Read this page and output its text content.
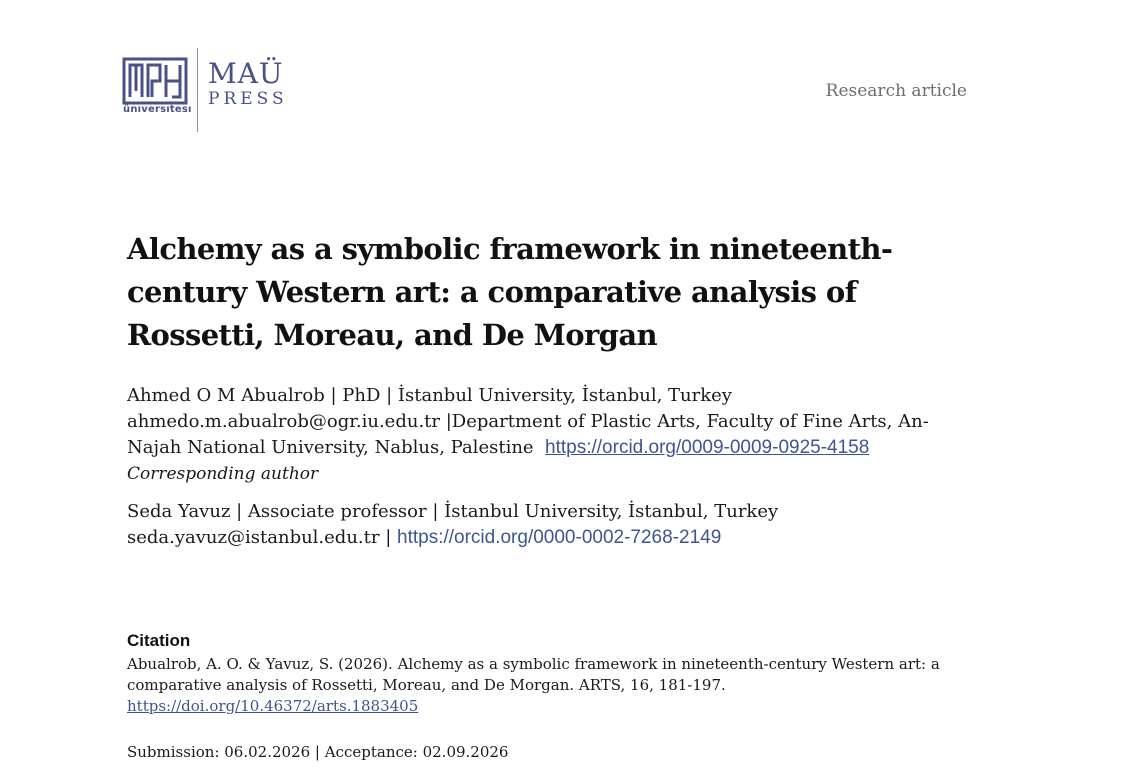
ünıversıtesı
MAÜ
PRESS	Research article
Alchemy as a symbolic framework in nineteenth-
century Western art: a comparative analysis of
Rossetti, Moreau, and De Morgan
Ahmed O M Abualrob | PhD | İstanbul University, İstanbul, Turkey
ahmedo.m.abualrob@ogr.iu.edu.tr |Department of Plastic Arts, Faculty of Fine Arts, An-
Najah National University, Nablus, Palestine https://orcid.org/0009-0009-0925-4158
Corresponding author
Seda Yavuz | Associate professor | İstanbul University, İstanbul, Turkey
seda.yavuz@istanbul.edu.tr | https://orcid.org/0000-0002-7268-2149
Citation
Abualrob, A. O. & Yavuz, S. (2026). Alchemy as a symbolic framework in nineteenth-century Western art: a
comparative analysis of Rossetti, Moreau, and De Morgan. ARTS, 16, 181-197.
https://doi.org/10.46372/arts.1883405
Submission: 06.02.2026 | Acceptance: 02.09.2026
